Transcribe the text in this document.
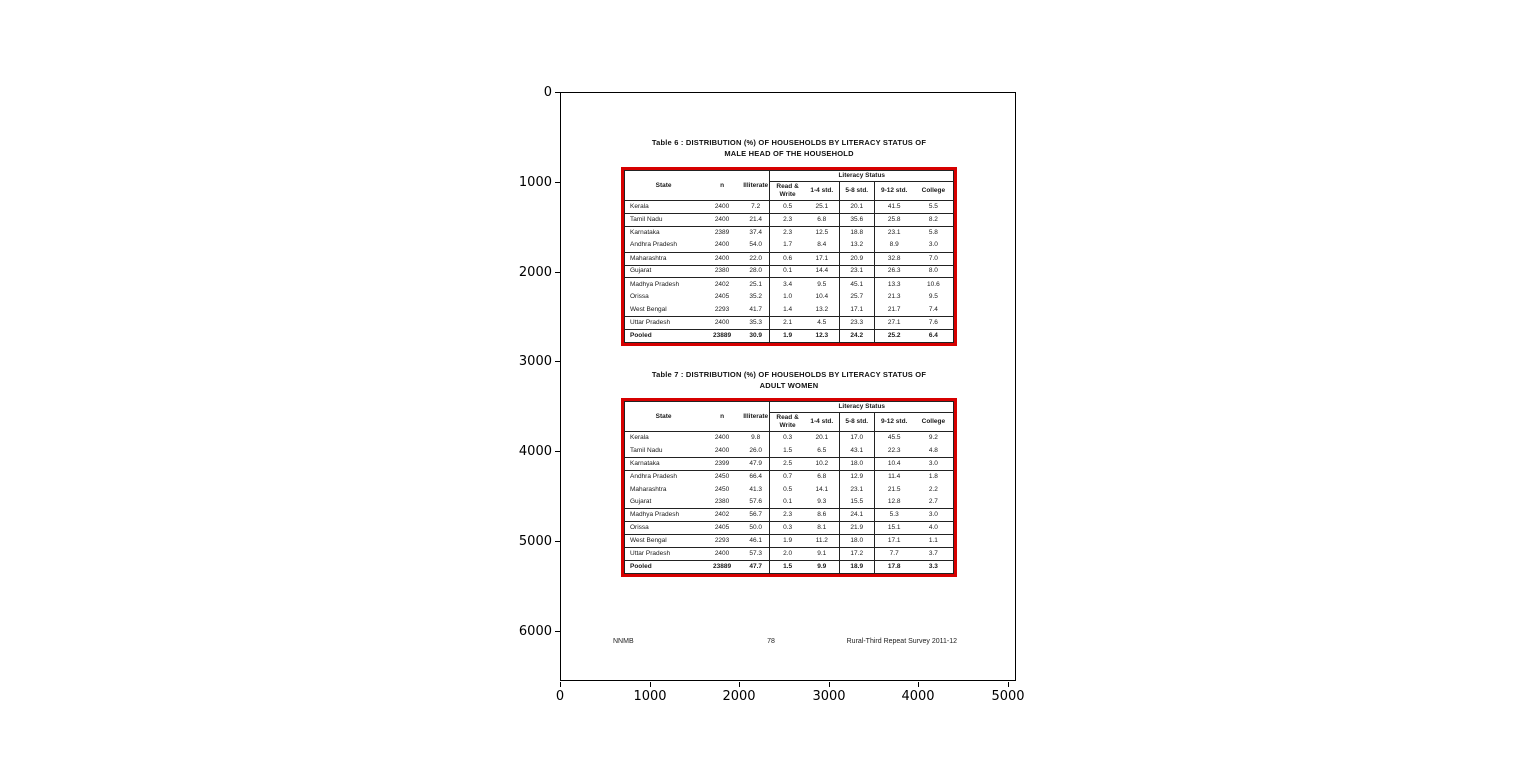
0
1000
2000
3000
4000
5000
6000
0	1000	2000	3000	4000	5000
Table 6 : DISTRIBUTION (%) OF HOUSEHOLDS BY LITERACY STATUS OF
MALE HEAD OF THE HOUSEHOLD
State	n	Illiterate	Literacy Status				
			Read & Write	1-4 std.	5-8 std.	9-12 std.	College
Kerala	2400	7.2	0.5	25.1	20.1	41.5	5.5
Tamil Nadu	2400	21.4	2.3	6.8	35.6	25.8	8.2
Karnataka	2389	37.4	2.3	12.5	18.8	23.1	5.8
Andhra Pradesh	2400	54.0	1.7	8.4	13.2	8.9	3.0
Maharashtra	2400	22.0	0.6	17.1	20.9	32.8	7.0
Gujarat	2380	28.0	0.1	14.4	23.1	26.3	8.0
Madhya Pradesh	2402	25.1	3.4	9.5	45.1	13.3	10.6
Orissa	2405	35.2	1.0	10.4	25.7	21.3	9.5
West Bengal	2293	41.7	1.4	13.2	17.1	21.7	7.4
Uttar Pradesh	2400	35.3	2.1	4.5	23.3	27.1	7.6
Pooled	23889	30.9	1.9	12.3	24.2	25.2	6.4
Table 7 : DISTRIBUTION (%) OF HOUSEHOLDS BY LITERACY STATUS OF
ADULT WOMEN
State	n	Illiterate	Literacy Status				
			Read & Write	1-4 std.	5-8 std.	9-12 std.	College
Kerala	2400	9.8	0.3	20.1	17.0	45.5	9.2
Tamil Nadu	2400	26.0	1.5	6.5	43.1	22.3	4.8
Karnataka	2399	47.9	2.5	10.2	18.0	10.4	3.0
Andhra Pradesh	2450	66.4	0.7	6.8	12.9	11.4	1.8
Maharashtra	2450	41.3	0.5	14.1	23.1	21.5	2.2
Gujarat	2380	57.6	0.1	9.3	15.5	12.8	2.7
Madhya Pradesh	2402	56.7	2.3	8.6	24.1	5.3	3.0
Orissa	2405	50.0	0.3	8.1	21.9	15.1	4.0
West Bengal	2293	46.1	1.9	11.2	18.0	17.1	1.1
Uttar Pradesh	2400	57.3	2.0	9.1	17.2	7.7	3.7
Pooled	23889	47.7	1.5	9.9	18.9	17.8	3.3
NNMB	78	Rural-Third Repeat Survey 2011-12
